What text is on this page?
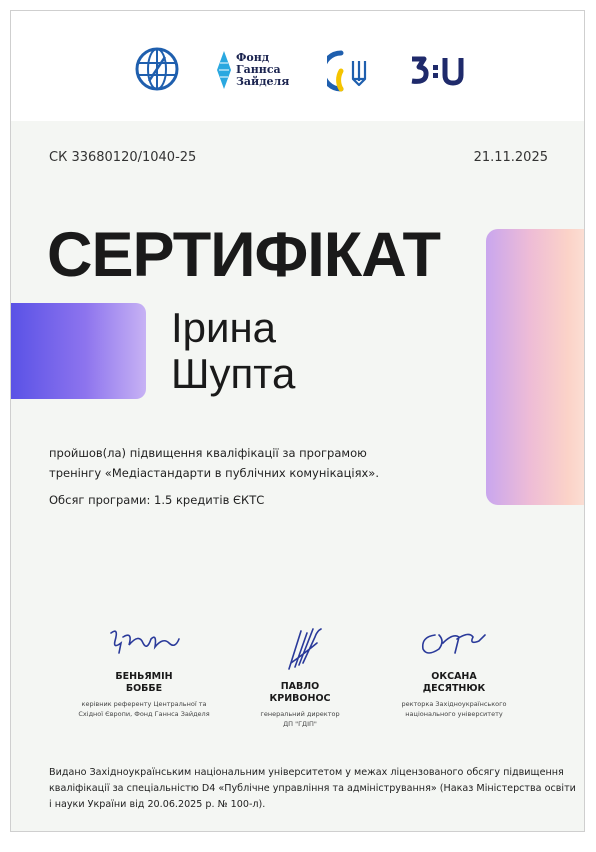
Фонд
Ганнса
Зайделя
СК 33680120/1040-25	21.11.2025
СЕРТИФІКАТ
Ірина
Шупта
пройшов(ла) підвищення кваліфікації за програмою
тренінгу «Медіастандарти в публічних комунікаціях».
Обсяг програми: 1.5 кредитів ЄКТС
БЕНЬЯМІН
БОББЕ
керівник референту Центральної та
Східної Європи, Фонд Ганнса Зайделя
ПАВЛО
КРИВОНОС
генеральний директор
ДП "ГДІП"
ОКСАНА
ДЕСЯТНЮК
ректорка Західноукраїнського
національного університету
Видано Західноукраїнським національним університетом у межах ліцензованого обсягу підвищення
кваліфікації за спеціальністю D4 «Публічне управління та адміністрування» (Наказ Міністерства освіти
і науки України від 20.06.2025 р. № 100-л).
